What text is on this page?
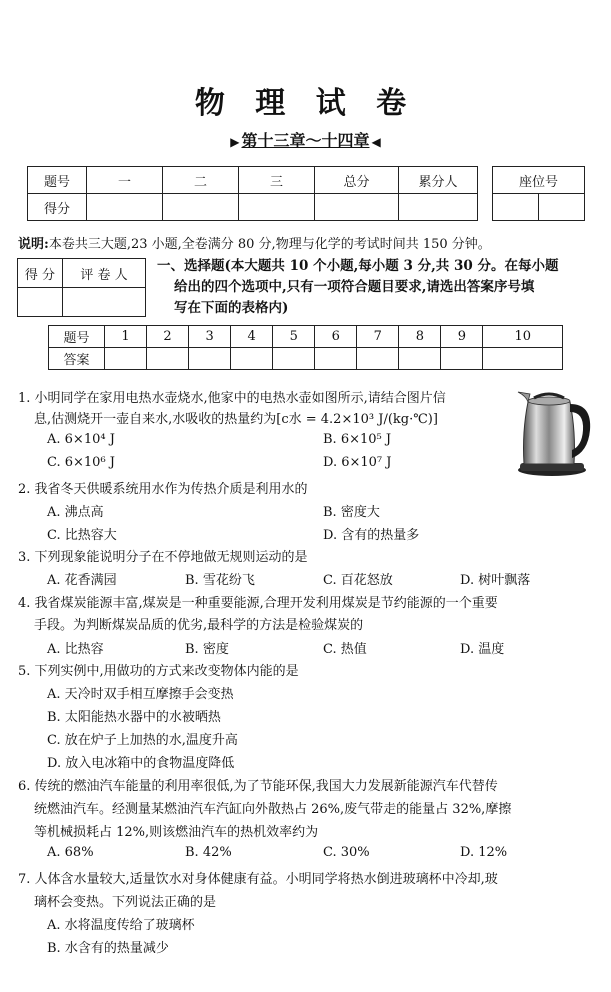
物 理 试 卷
▶ 第十三章～十四章 ◀
题号	一	二	三	总分	累分人
得分					
座位号

说明:本卷共三大题,23 小题,全卷满分 80 分,物理与化学的考试时间共 150 分钟。
得 分	评 卷 人

一、选择题(本大题共 10 个小题,每小题 3 分,共 30 分。在每小题
给出的四个选项中,只有一项符合题目要求,请选出答案序号填
写在下面的表格内)
题号	1	2	3	4	5	6	7	8	9	10
答案										
1. 小明同学在家用电热水壶烧水,他家中的电热水壶如图所示,请结合图片信
息,估测烧开一壶自来水,水吸收的热量约为[c水 = 4.2×10³ J/(kg·℃)]
A. 6×10⁴ J	B. 6×10⁵ J
C. 6×10⁶ J	D. 6×10⁷ J
2. 我省冬天供暖系统用水作为传热介质是利用水的
A. 沸点高	B. 密度大
C. 比热容大	D. 含有的热量多
3. 下列现象能说明分子在不停地做无规则运动的是
A. 花香满园	B. 雪花纷飞	C. 百花怒放	D. 树叶飘落
4. 我省煤炭能源丰富,煤炭是一种重要能源,合理开发利用煤炭是节约能源的一个重要
手段。为判断煤炭品质的优劣,最科学的方法是检验煤炭的
A. 比热容	B. 密度	C. 热值	D. 温度
5. 下列实例中,用做功的方式来改变物体内能的是
A. 天冷时双手相互摩擦手会变热
B. 太阳能热水器中的水被晒热
C. 放在炉子上加热的水,温度升高
D. 放入电冰箱中的食物温度降低
6. 传统的燃油汽车能量的利用率很低,为了节能环保,我国大力发展新能源汽车代替传
统燃油汽车。经测量某燃油汽车汽缸向外散热占 26%,废气带走的能量占 32%,摩擦
等机械损耗占 12%,则该燃油汽车的热机效率约为
A. 68%	B. 42%	C. 30%	D. 12%
7. 人体含水量较大,适量饮水对身体健康有益。小明同学将热水倒进玻璃杯中冷却,玻
璃杯会变热。下列说法正确的是
A. 水将温度传给了玻璃杯
B. 水含有的热量减少
